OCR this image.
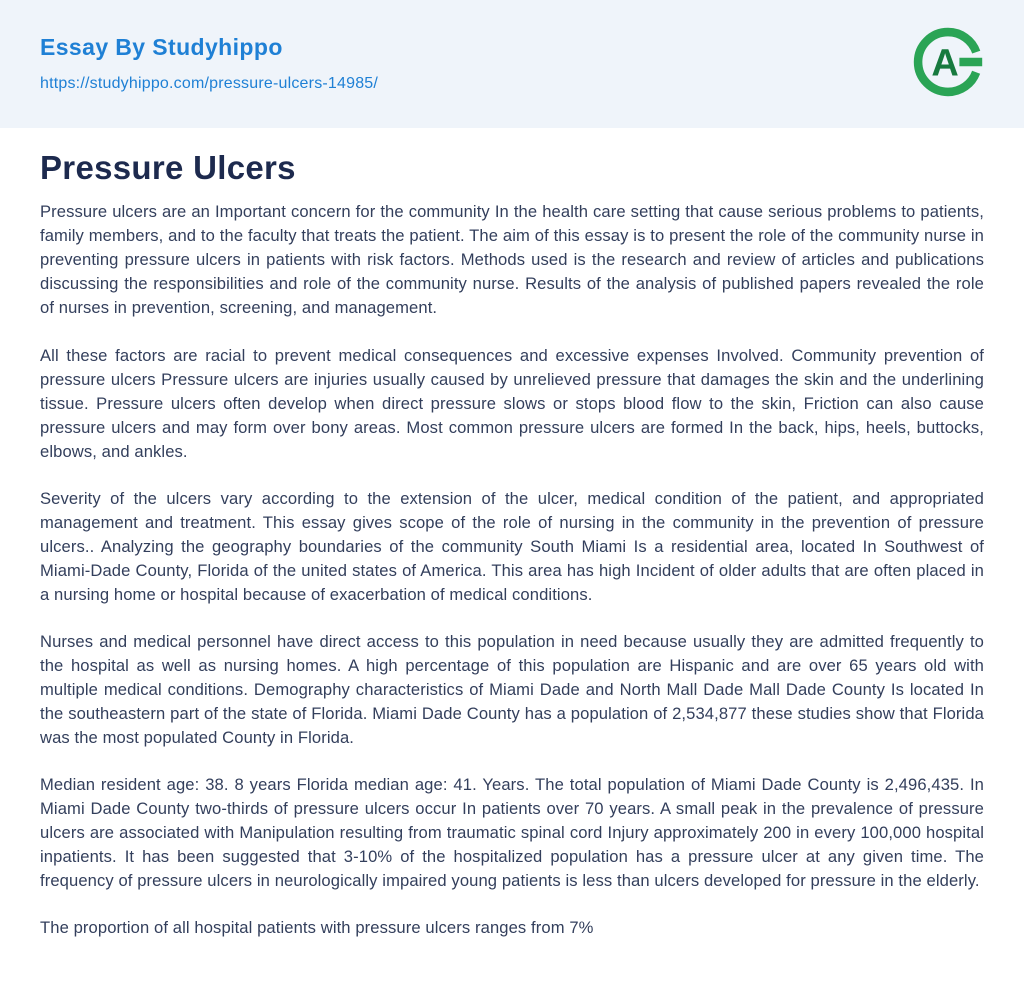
Essay By Studyhippo
https://studyhippo.com/pressure-ulcers-14985/	A
Pressure Ulcers

Pressure ulcers are an Important concern for the community In the health care setting that cause serious problems to patients, family members, and to the faculty that treats the patient. The aim of this essay is to present the role of the community nurse in preventing pressure ulcers in patients with risk factors. Methods used is the research and review of articles and publications discussing the responsibilities and role of the community nurse. Results of the analysis of published papers revealed the role of nurses in prevention, screening, and management.

All these factors are racial to prevent medical consequences and excessive expenses Involved. Community prevention of pressure ulcers Pressure ulcers are injuries usually caused by unrelieved pressure that damages the skin and the underlining tissue. Pressure ulcers often develop when direct pressure slows or stops blood flow to the skin, Friction can also cause pressure ulcers and may form over bony areas. Most common pressure ulcers are formed In the back, hips, heels, buttocks, elbows, and ankles.

Severity of the ulcers vary according to the extension of the ulcer, medical condition of the patient, and appropriated management and treatment. This essay gives scope of the role of nursing in the community in the prevention of pressure ulcers.. Analyzing the geography boundaries of the community South Miami Is a residential area, located In Southwest of Miami-Dade County, Florida of the united states of America. This area has high Incident of older adults that are often placed in a nursing home or hospital because of exacerbation of medical conditions.

Nurses and medical personnel have direct access to this population in need because usually they are admitted frequently to the hospital as well as nursing homes. A high percentage of this population are Hispanic and are over 65 years old with multiple medical conditions. Demography characteristics of Miami Dade and North Mall Dade Mall Dade County Is located In the southeastern part of the state of Florida. Miami Dade County has a population of 2,534,877 these studies show that Florida was the most populated County in Florida.

Median resident age: 38. 8 years Florida median age: 41. Years. The total population of Miami Dade County is 2,496,435. In Miami Dade County two-thirds of pressure ulcers occur In patients over 70 years. A small peak in the prevalence of pressure ulcers are associated with Manipulation resulting from traumatic spinal cord Injury approximately 200 in every 100,000 hospital inpatients. It has been suggested that 3-10% of the hospitalized population has a pressure ulcer at any given time. The frequency of pressure ulcers in neurologically impaired young patients is less than ulcers developed for pressure in the elderly.

The proportion of all hospital patients with pressure ulcers ranges from 7%
